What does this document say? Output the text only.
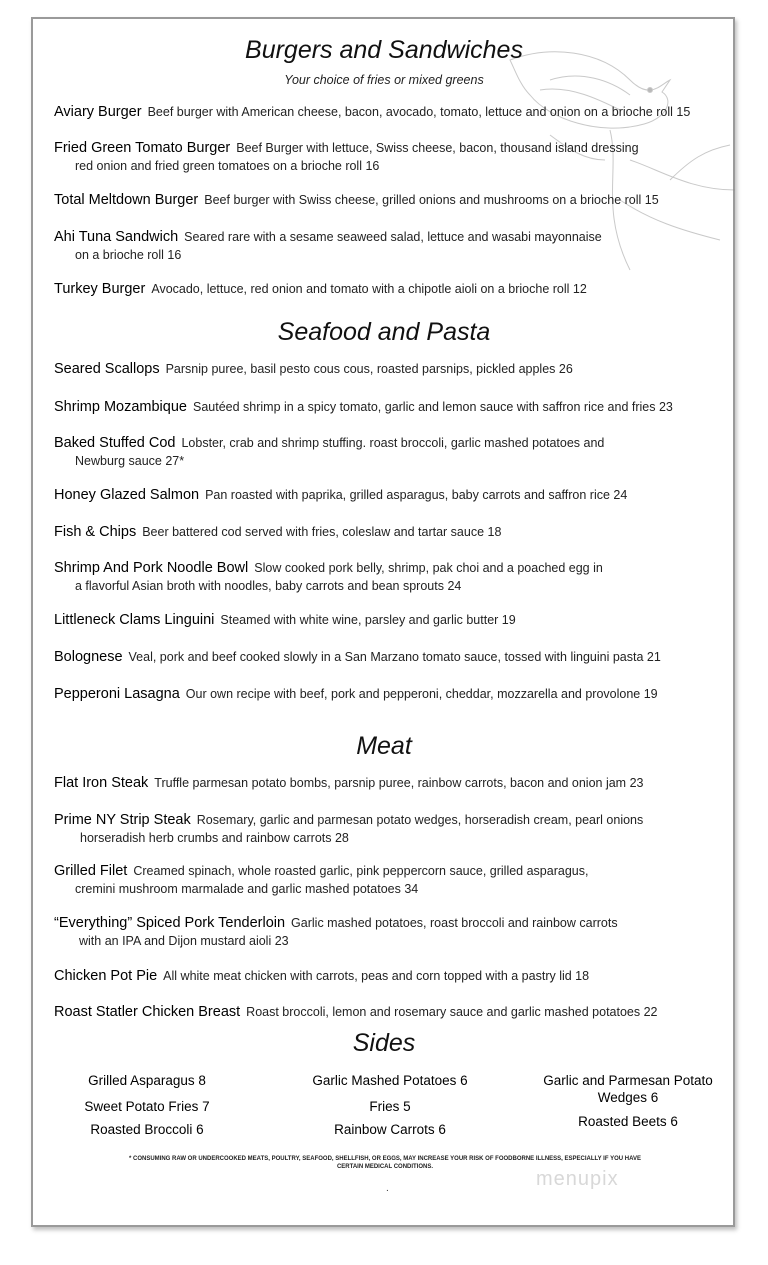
Burgers and Sandwiches
Your choice of fries or mixed greens
Aviary Burger Beef burger with American cheese, bacon, avocado, tomato, lettuce and onion on a brioche roll 15
Fried Green Tomato Burger Beef Burger with lettuce, Swiss cheese, bacon, thousand island dressing
red onion and fried green tomatoes on a brioche roll 16
Total Meltdown Burger Beef burger with Swiss cheese, grilled onions and mushrooms on a brioche roll 15
Ahi Tuna Sandwich Seared rare with a sesame seaweed salad, lettuce and wasabi mayonnaise
on a brioche roll 16
Turkey Burger Avocado, lettuce, red onion and tomato with a chipotle aioli on a brioche roll 12
Seafood and Pasta
Seared Scallops Parsnip puree, basil pesto cous cous, roasted parsnips, pickled apples 26
Shrimp Mozambique Sautéed shrimp in a spicy tomato, garlic and lemon sauce with saffron rice and fries 23
Baked Stuffed Cod Lobster, crab and shrimp stuffing. roast broccoli, garlic mashed potatoes and
Newburg sauce 27*
Honey Glazed Salmon Pan roasted with paprika, grilled asparagus, baby carrots and saffron rice 24
Fish & Chips Beer battered cod served with fries, coleslaw and tartar sauce 18
Shrimp And Pork Noodle Bowl Slow cooked pork belly, shrimp, pak choi and a poached egg in
a flavorful Asian broth with noodles, baby carrots and bean sprouts 24
Littleneck Clams Linguini Steamed with white wine, parsley and garlic butter 19
Bolognese Veal, pork and beef cooked slowly in a San Marzano tomato sauce, tossed with linguini pasta 21
Pepperoni Lasagna Our own recipe with beef, pork and pepperoni, cheddar, mozzarella and provolone 19
Meat
Flat Iron Steak Truffle parmesan potato bombs, parsnip puree, rainbow carrots, bacon and onion jam 23
Prime NY Strip Steak Rosemary, garlic and parmesan potato wedges, horseradish cream, pearl onions
horseradish herb crumbs and rainbow carrots 28
Grilled Filet Creamed spinach, whole roasted garlic, pink peppercorn sauce, grilled asparagus,
cremini mushroom marmalade and garlic mashed potatoes 34
“Everything” Spiced Pork Tenderloin Garlic mashed potatoes, roast broccoli and rainbow carrots
with an IPA and Dijon mustard aioli 23
Chicken Pot Pie All white meat chicken with carrots, peas and corn topped with a pastry lid 18
Roast Statler Chicken Breast Roast broccoli, lemon and rosemary sauce and garlic mashed potatoes 22
Sides
Grilled Asparagus 8
Sweet Potato Fries 7
Roasted Broccoli 6
Garlic Mashed Potatoes 6
Fries 5
Rainbow Carrots 6
Garlic and Parmesan Potato Wedges 6
Roasted Beets 6
* CONSUMING RAW OR UNDERCOOKED MEATS, POULTRY, SEAFOOD, SHELLFISH, OR EGGS, MAY INCREASE YOUR RISK OF FOODBORNE ILLNESS, ESPECIALLY IF YOU HAVE CERTAIN MEDICAL CONDITIONS.
.	menupix
